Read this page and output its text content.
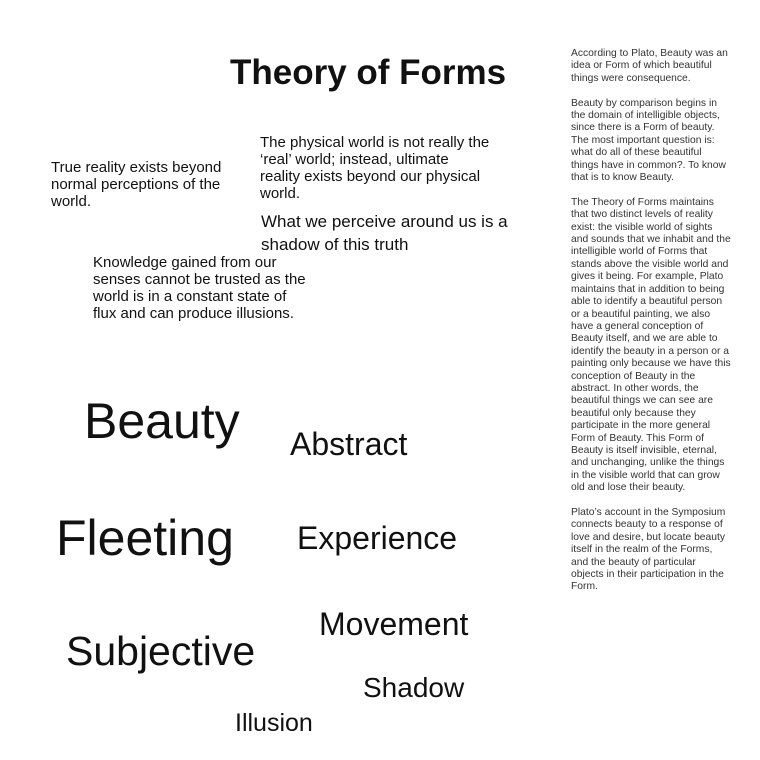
Theory of Forms

True reality exists beyond normal perceptions of the world.

The physical world is not really the ‘real’ world; instead, ultimate reality exists beyond our physical world.

What we perceive around us is a shadow of this truth

Knowledge gained from our senses cannot be trusted as the world is in a constant state of flux and can produce illusions.

Beauty Abstract
Fleeting Experience
Movement
Subjective
Shadow
Illusion

According to Plato, Beauty was an idea or Form of which beautiful things were consequence.

Beauty by comparison begins in the domain of intelligible objects, since there is a Form of beauty. The most important question is: what do all of these beautiful things have in common?. To know that is to know Beauty.

The Theory of Forms maintains that two distinct levels of reality exist: the visible world of sights and sounds that we inhabit and the intelligible world of Forms that stands above the visible world and gives it being. For example, Plato maintains that in addition to being able to identify a beautiful person or a beautiful painting, we also have a general conception of Beauty itself, and we are able to identify the beauty in a person or a painting only because we have this conception of Beauty in the abstract. In other words, the beautiful things we can see are beautiful only because they participate in the more general Form of Beauty. This Form of Beauty is itself invisible, eternal, and unchanging, unlike the things in the visible world that can grow old and lose their beauty.

Plato’s account in the Symposium connects beauty to a response of love and desire, but locate beauty itself in the realm of the Forms, and the beauty of particular objects in their participation in the Form.
